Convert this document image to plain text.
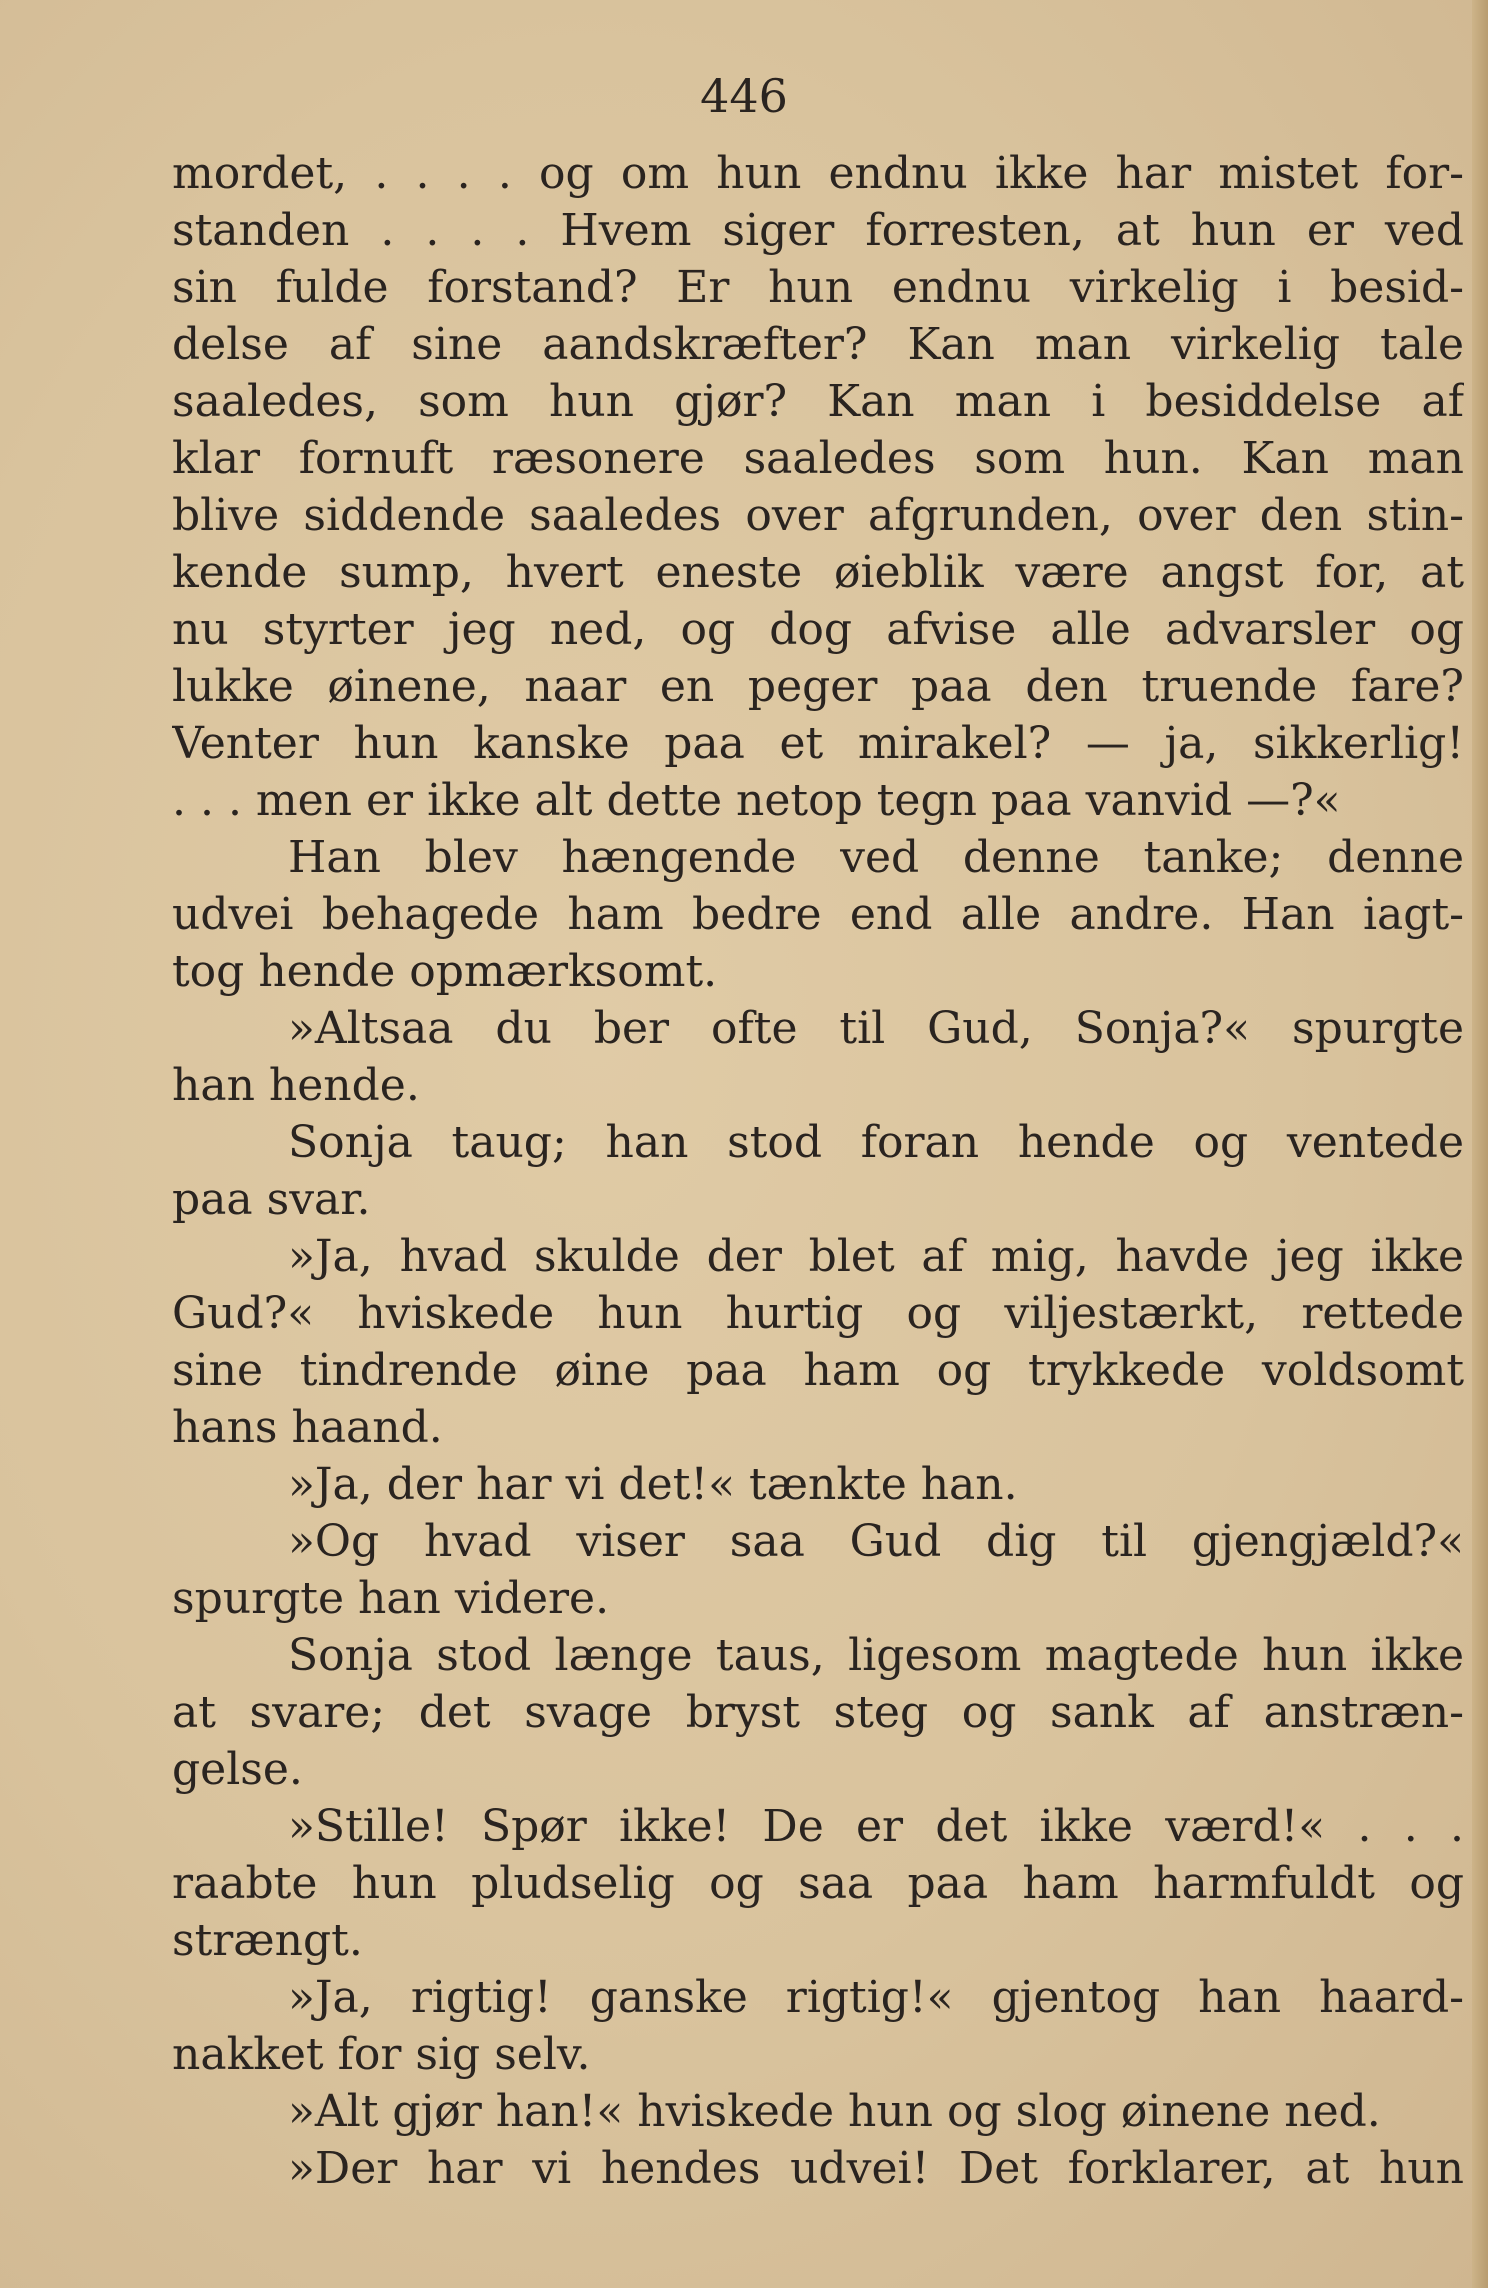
446
mordet, . . . . og om hun endnu ikke har mistet for-
standen . . . . Hvem siger forresten, at hun er ved
sin fulde forstand? Er hun endnu virkelig i besid-
delse af sine aandskræfter? Kan man virkelig tale
saaledes, som hun gjør? Kan man i besiddelse af
klar fornuft ræsonere saaledes som hun. Kan man
blive siddende saaledes over afgrunden, over den stin-
kende sump, hvert eneste øieblik være angst for, at
nu styrter jeg ned, og dog afvise alle advarsler og
lukke øinene, naar en peger paa den truende fare?
Venter hun kanske paa et mirakel? — ja, sikkerlig!
. . . men er ikke alt dette netop tegn paa vanvid —?«
Han blev hængende ved denne tanke; denne
udvei behagede ham bedre end alle andre. Han iagt-
tog hende opmærksomt.
»Altsaa du ber ofte til Gud, Sonja?« spurgte
han hende.
Sonja taug; han stod foran hende og ventede
paa svar.
»Ja, hvad skulde der blet af mig, havde jeg ikke
Gud?« hviskede hun hurtig og viljestærkt, rettede
sine tindrende øine paa ham og trykkede voldsomt
hans haand.
»Ja, der har vi det!« tænkte han.
»Og hvad viser saa Gud dig til gjengjæld?«
spurgte han videre.
Sonja stod længe taus, ligesom magtede hun ikke
at svare; det svage bryst steg og sank af anstræn-
gelse.
»Stille! Spør ikke! De er det ikke værd!« . . .
raabte hun pludselig og saa paa ham harmfuldt og
strængt.
»Ja, rigtig! ganske rigtig!« gjentog han haard-
nakket for sig selv.
»Alt gjør han!« hviskede hun og slog øinene ned.
»Der har vi hendes udvei! Det forklarer, at hun
